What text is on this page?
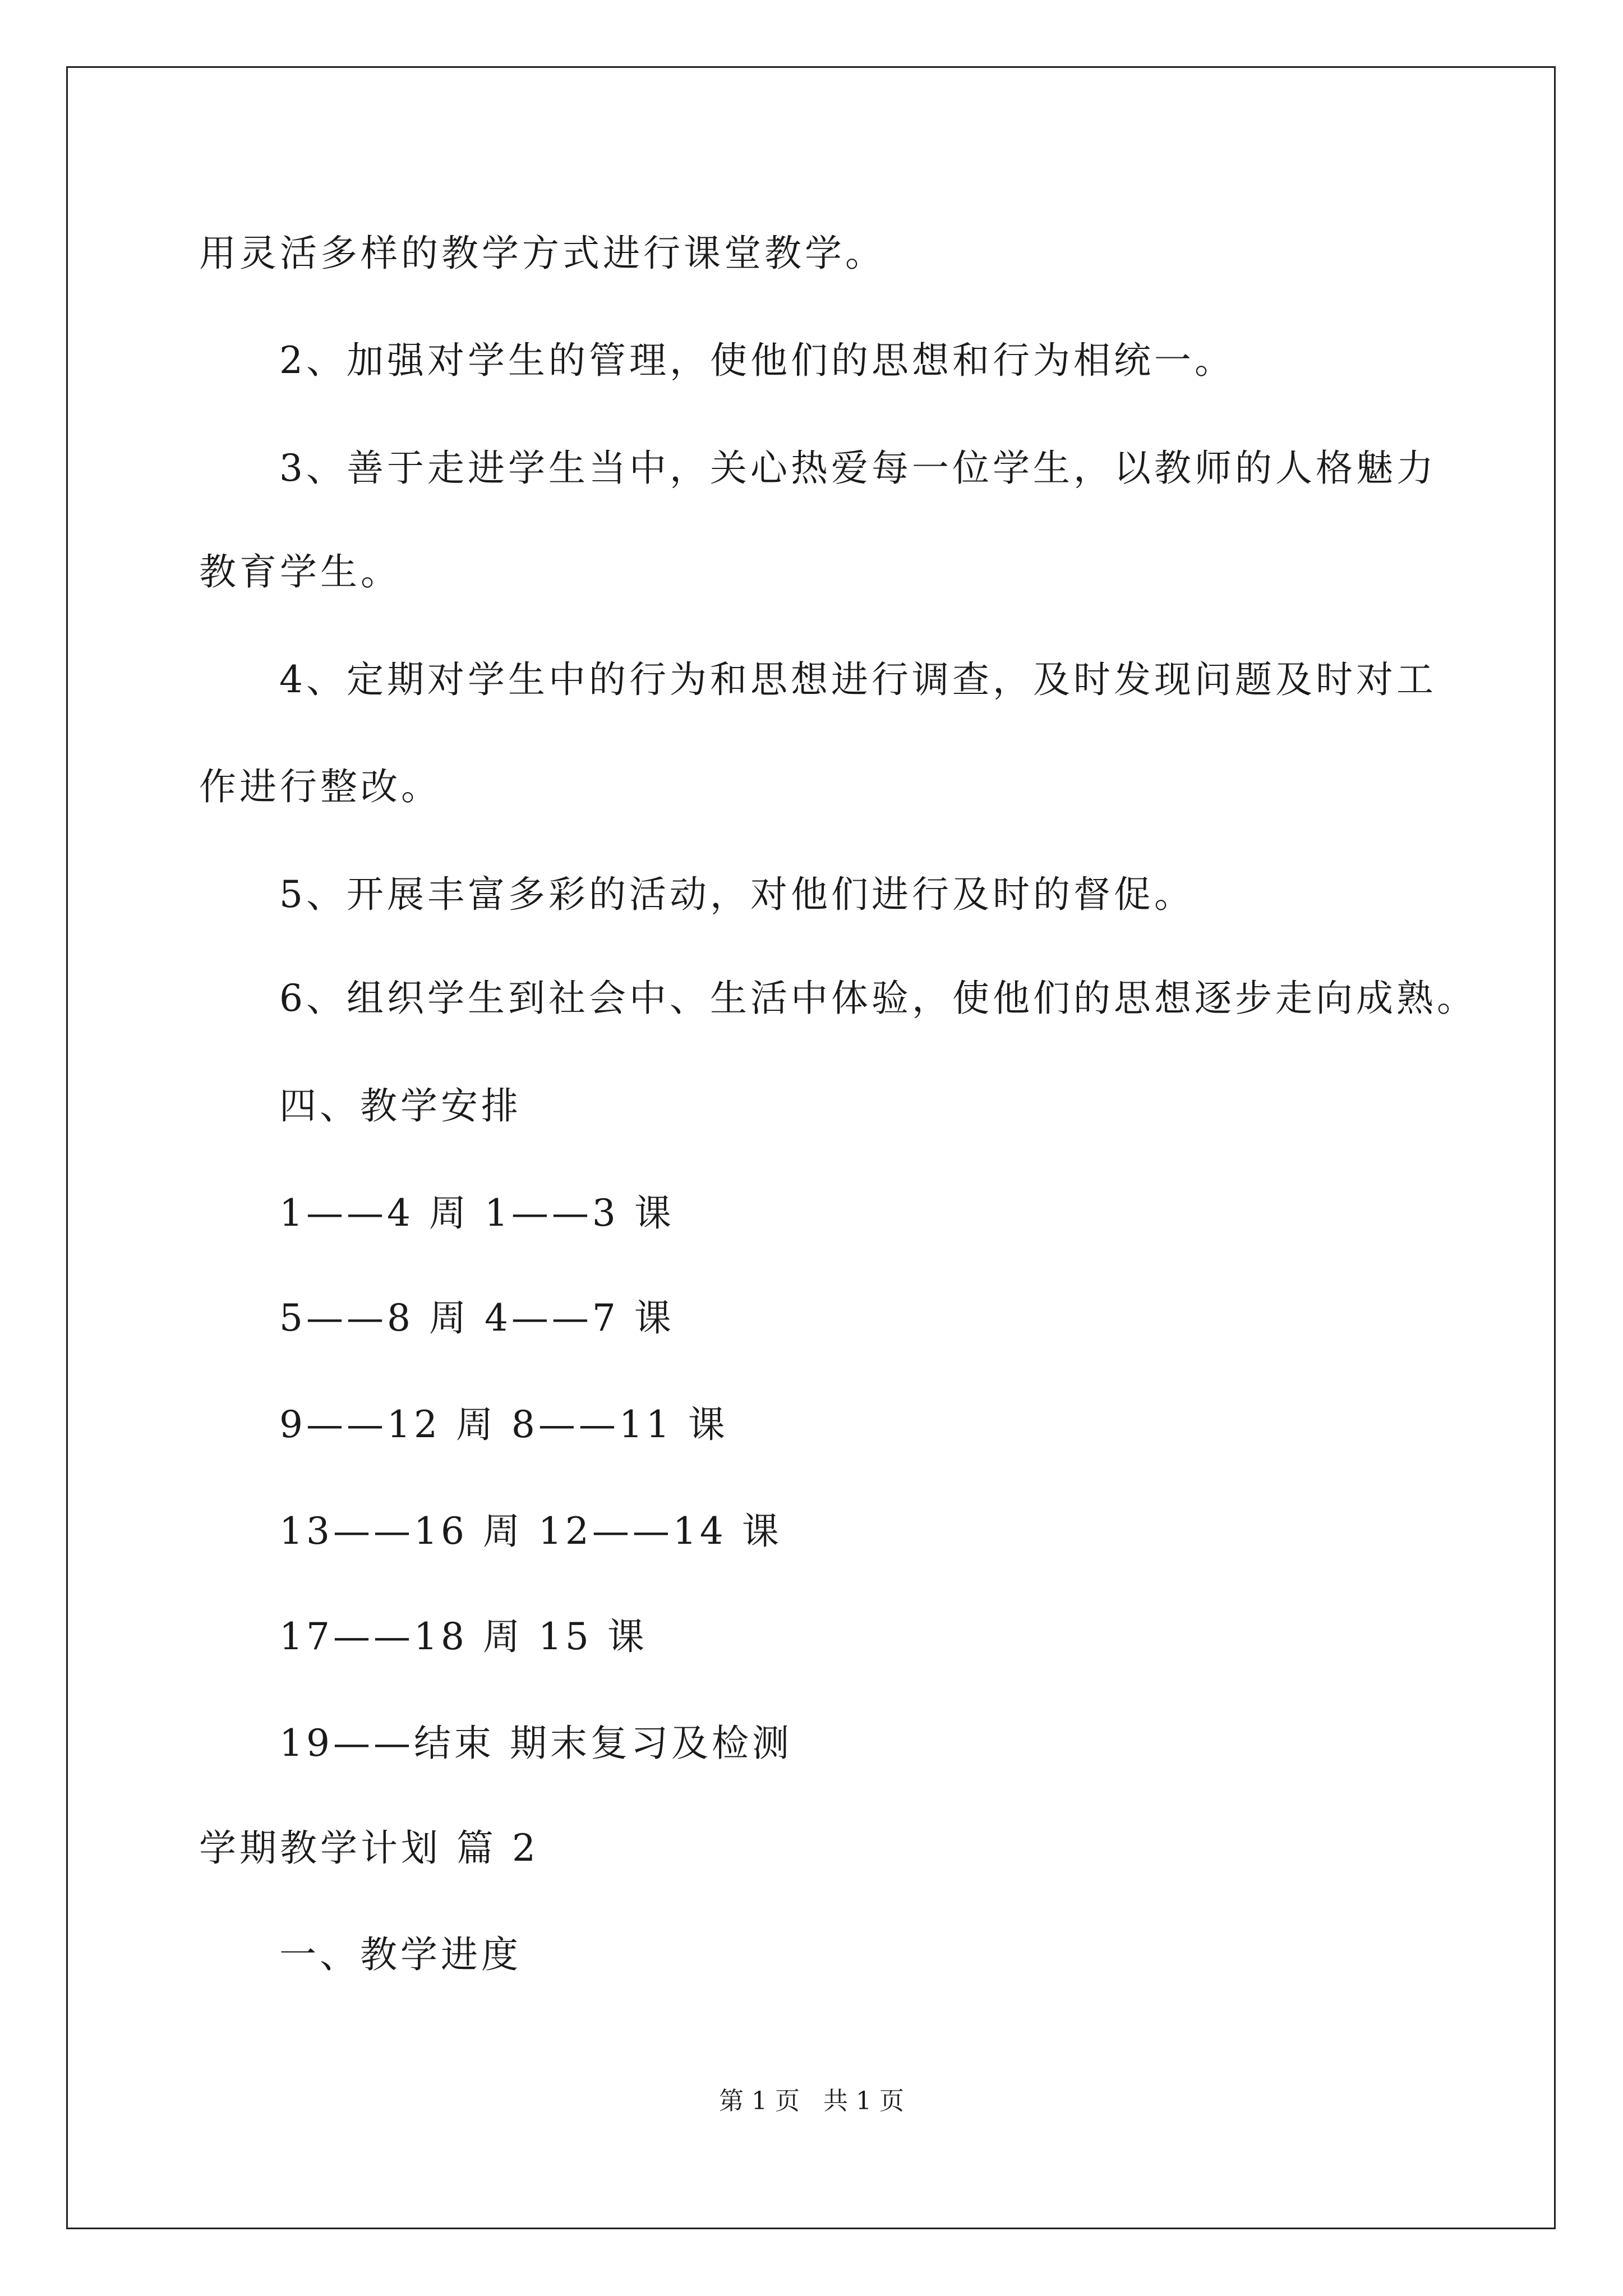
用灵活多样的教学方式进行课堂教学。
2、加强对学生的管理，使他们的思想和行为相统一。
3、善于走进学生当中，关心热爱每一位学生，以教师的人格魅力
教育学生。
4、定期对学生中的行为和思想进行调查，及时发现问题及时对工
作进行整改。
5、开展丰富多彩的活动，对他们进行及时的督促。
6、组织学生到社会中、生活中体验，使他们的思想逐步走向成熟。
四、教学安排
1——4 周 1——3 课
5——8 周 4——7 课
9——12 周 8——11 课
13——16 周 12——14 课
17——18 周 15 课
19——结束 期末复习及检测
学期教学计划 篇 2
一、教学进度
第 1 页 共 1 页
